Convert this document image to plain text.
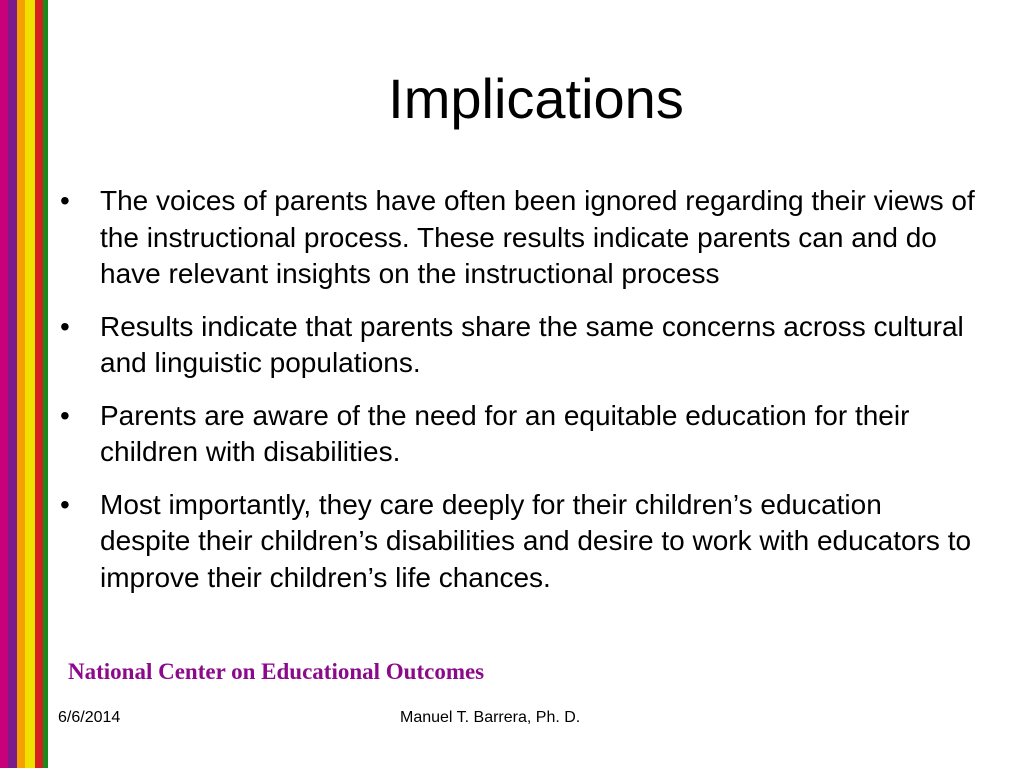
Implications
• The voices of parents have often been ignored regarding their views of the instructional process. These results indicate parents can and do have relevant insights on the instructional process
• Results indicate that parents share the same concerns across cultural and linguistic populations.
• Parents are aware of the need for an equitable education for their children with disabilities.
• Most importantly, they care deeply for their children’s education despite their children’s disabilities and desire to work with educators to improve their children’s life chances.
National Center on Educational Outcomes
6/6/2014	Manuel T. Barrera, Ph. D.
